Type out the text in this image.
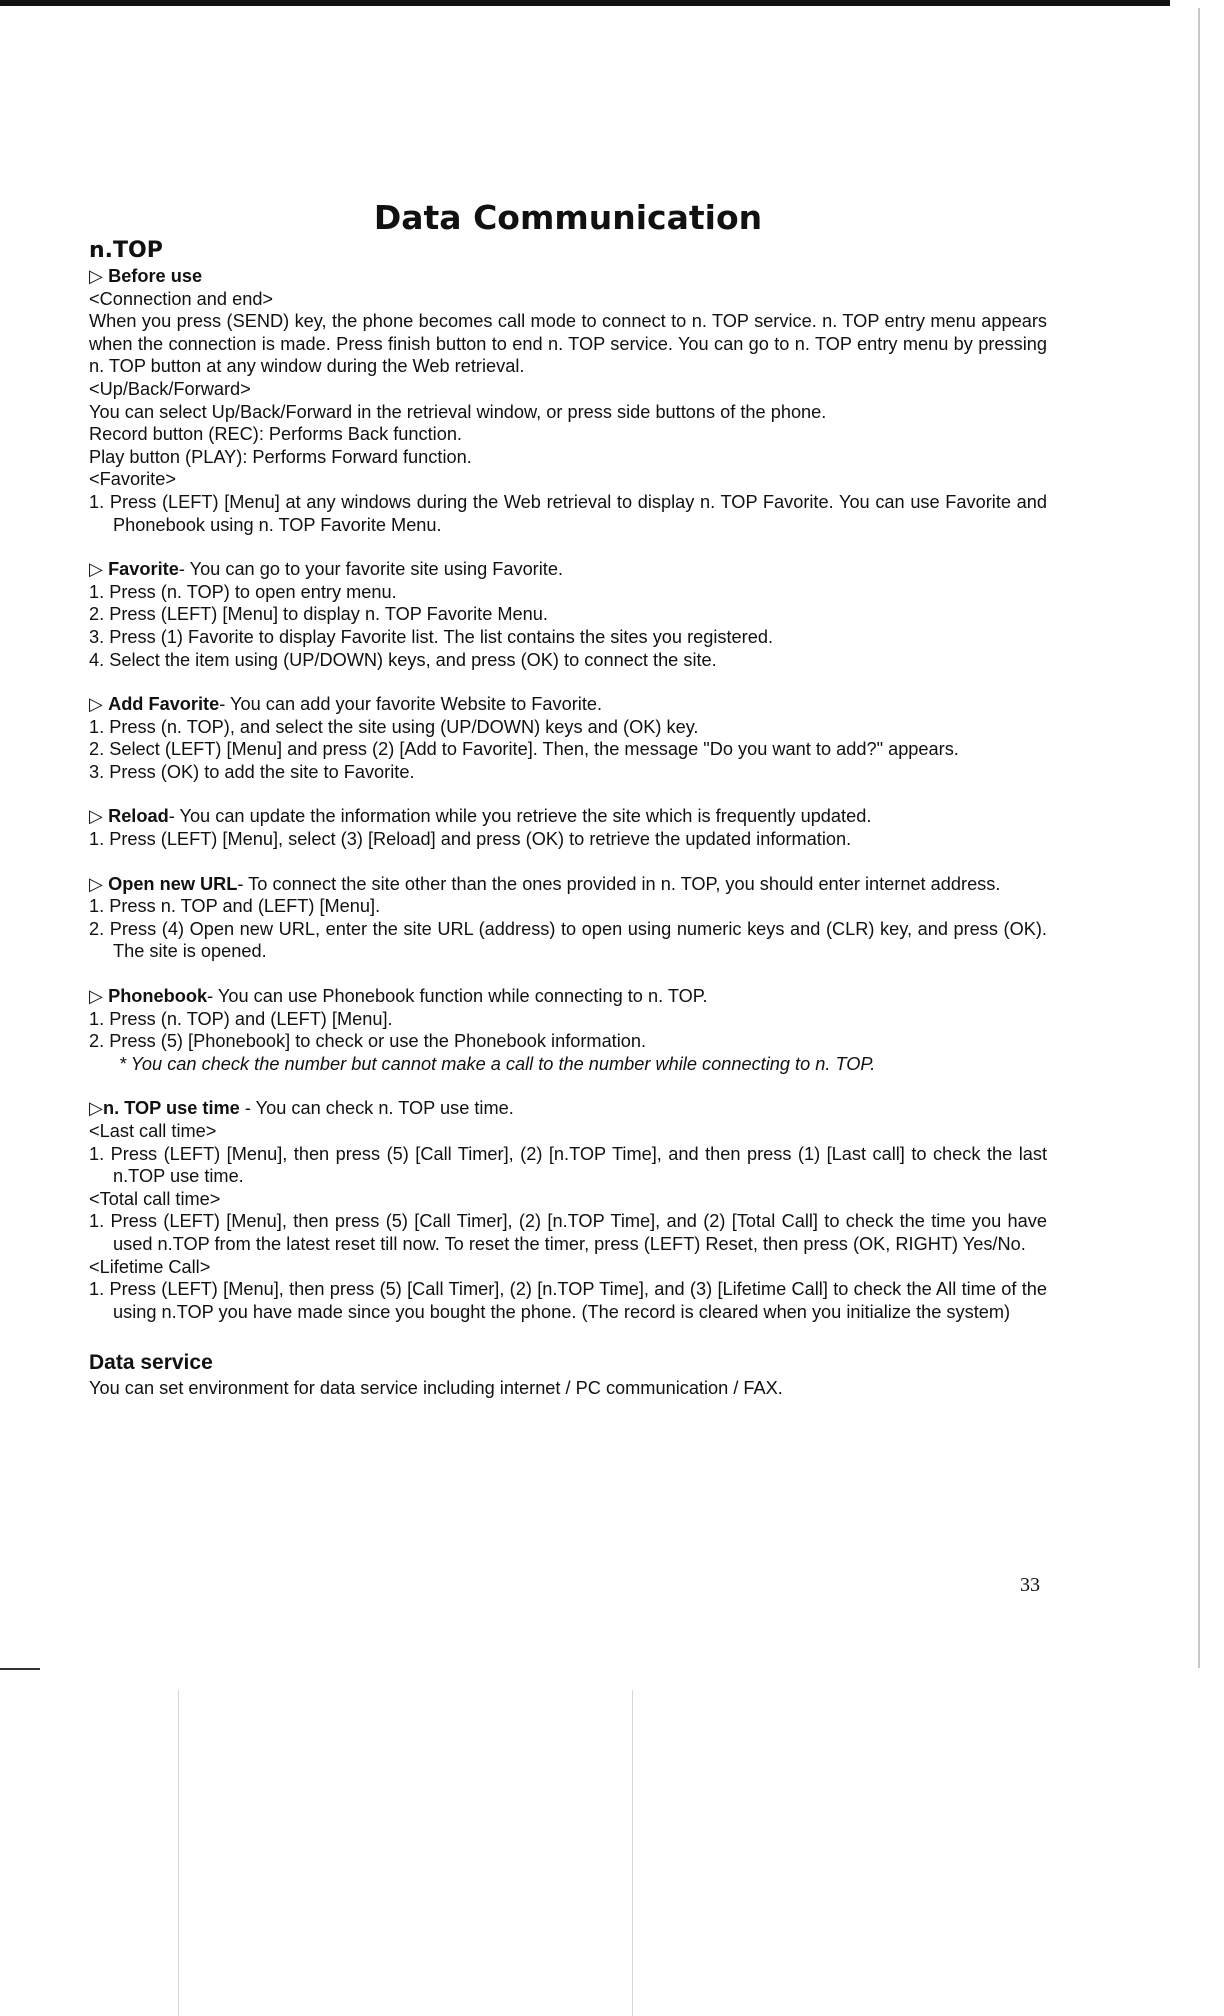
Data Communication
n.TOP

▷ Before use

<Connection and end>

When you press (SEND) key, the phone becomes call mode to connect to n. TOP service. n. TOP entry menu appears when the connection is made. Press finish button to end n. TOP service. You can go to n. TOP entry menu by pressing n. TOP button at any window during the Web retrieval.

<Up/Back/Forward>

You can select Up/Back/Forward in the retrieval window, or press side buttons of the phone.

Record button (REC): Performs Back function.

Play button (PLAY): Performs Forward function.

<Favorite>

1. Press (LEFT) [Menu] at any windows during the Web retrieval to display n. TOP Favorite. You can use Favorite and Phonebook using n. TOP Favorite Menu.

▷ Favorite- You can go to your favorite site using Favorite.

1. Press (n. TOP) to open entry menu.

2. Press (LEFT) [Menu] to display n. TOP Favorite Menu.

3. Press (1) Favorite to display Favorite list. The list contains the sites you registered.

4. Select the item using (UP/DOWN) keys, and press (OK) to connect the site.

▷ Add Favorite- You can add your favorite Website to Favorite.

1. Press (n. TOP), and select the site using (UP/DOWN) keys and (OK) key.

2. Select (LEFT) [Menu] and press (2) [Add to Favorite]. Then, the message "Do you want to add?" appears.

3. Press (OK) to add the site to Favorite.

▷ Reload- You can update the information while you retrieve the site which is frequently updated.

1. Press (LEFT) [Menu], select (3) [Reload] and press (OK) to retrieve the updated information.

▷ Open new URL- To connect the site other than the ones provided in n. TOP, you should enter internet address.

1. Press n. TOP and (LEFT) [Menu].

2. Press (4) Open new URL, enter the site URL (address) to open using numeric keys and (CLR) key, and press (OK). The site is opened.

▷ Phonebook- You can use Phonebook function while connecting to n. TOP.

1. Press (n. TOP) and (LEFT) [Menu].

2. Press (5) [Phonebook] to check or use the Phonebook information.

* You can check the number but cannot make a call to the number while connecting to n. TOP.

▷n. TOP use time - You can check n. TOP use time.

<Last call time>

1. Press (LEFT) [Menu], then press (5) [Call Timer], (2) [n.TOP Time], and then press (1) [Last call] to check the last n.TOP use time.

<Total call time>

1. Press (LEFT) [Menu], then press (5) [Call Timer], (2) [n.TOP Time], and (2) [Total Call] to check the time you have used n.TOP from the latest reset till now. To reset the timer, press (LEFT) Reset, then press (OK, RIGHT) Yes/No.

<Lifetime Call>

1. Press (LEFT) [Menu], then press (5) [Call Timer], (2) [n.TOP Time], and (3) [Lifetime Call] to check the All time of the using n.TOP you have made since you bought the phone. (The record is cleared when you initialize the system)

Data service

You can set environment for data service including internet / PC communication / FAX.

33
